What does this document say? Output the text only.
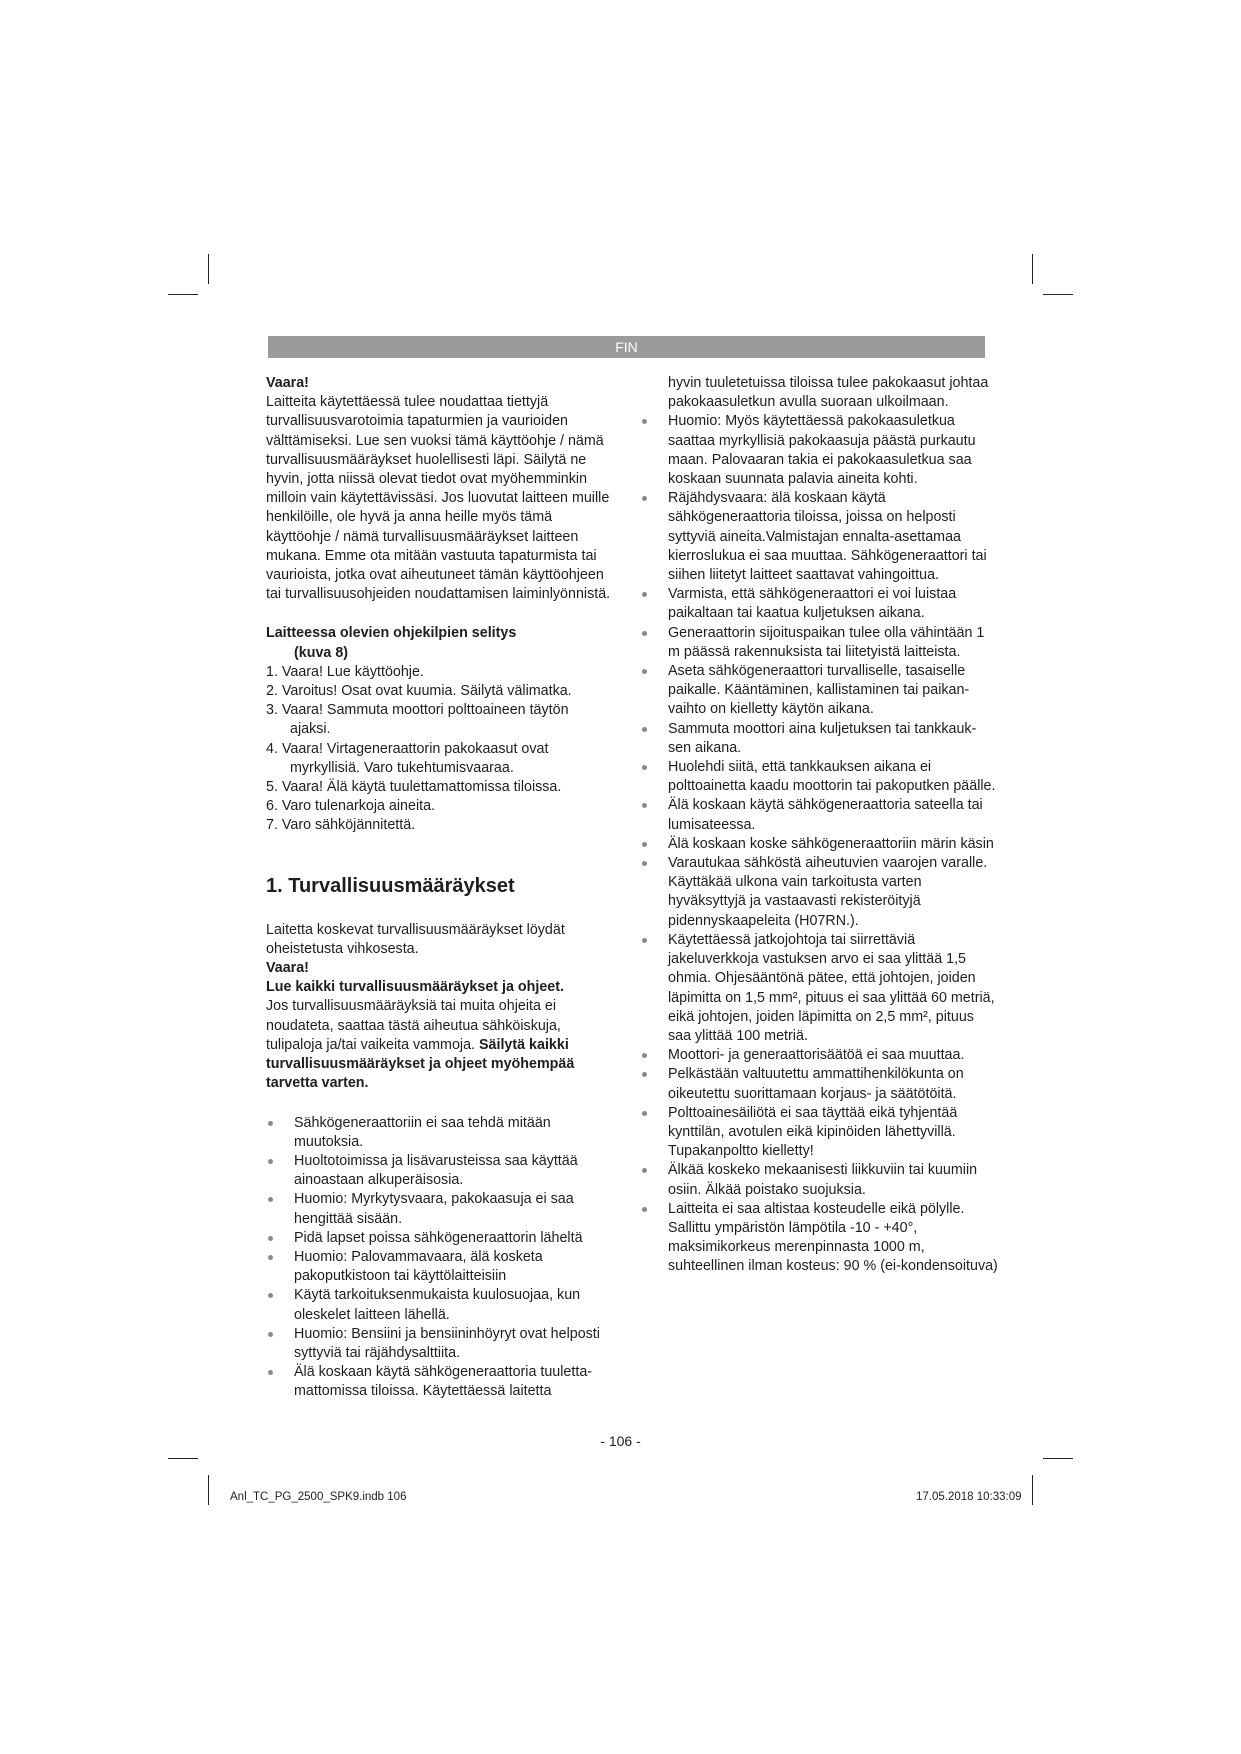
FIN

Vaara!

Laitteita käytettäessä tulee noudattaa tiettyjä turvallisuusvarotoimia tapaturmien ja vaurioiden välttämiseksi. Lue sen vuoksi tämä käyttöohje / nämä turvallisuusmääräykset huolellisesti läpi. Säilytä ne hyvin, jotta niissä olevat tiedot ovat myöhemminkin milloin vain käytettävissäsi. Jos luovutat laitteen muille henkilöille, ole hyvä ja anna heille myös tämä käyttöohje / nämä turvallisuusmääräykset laitteen mukana. Emme ota mitään vastuuta tapaturmista tai vaurioista, jotka ovat aiheutuneet tämän käyttöohjeen tai turvallisuusohjeiden noudattamisen laiminlyönnistä.

Laitteessa olevien ohjekilpien selitys

(kuva 8)

1. Vaara! Lue käyttöohje.
2. Varoitus! Osat ovat kuumia. Säilytä välimatka.
3. Vaara! Sammuta moottori polttoaineen täytön ajaksi.
4. Vaara! Virtageneraattorin pakokaasut ovat myrkyllisiä. Varo tukehtumisvaaraa.
5. Vaara! Älä käytä tuulettamattomissa tiloissa.
6. Varo tulenarkoja aineita.
7. Varo sähköjännitettä.

1. Turvallisuusmääräykset

Laitetta koskevat turvallisuusmääräykset löydät oheistetusta vihkosesta.

Vaara!

Lue kaikki turvallisuusmääräykset ja ohjeet.

Jos turvallisuusmääräyksiä tai muita ohjeita ei noudateta, saattaa tästä aiheutua sähköiskuja, tulipaloja ja/tai vaikeita vammoja. Säilytä kaikki turvallisuusmääräykset ja ohjeet myöhempää tarvetta varten.

Sähkögeneraattoriin ei saa tehdä mitään muutoksia.
Huoltotoimissa ja lisävarusteissa saa käyttää ainoastaan alkuperäisosia.
Huomio: Myrkytysvaara, pakokaasuja ei saa hengittää sisään.
Pidä lapset poissa sähkögeneraattorin läheltä
Huomio: Palovammavaara, älä kosketa pakoputkistoon tai käyttölaitteisiin
Käytä tarkoituksenmukaista kuulosuojaa, kun oleskelet laitteen lähellä.
Huomio: Bensiini ja bensiininhöyryt ovat helposti syttyviä tai räjähdysalttiita.
Älä koskaan käytä sähkögeneraattoria tuuletta-mattomissa tiloissa. Käytettäessä laitetta

hyvin tuuletetuissa tiloissa tulee pakokaasut johtaa pakokaasuletkun avulla suoraan ulkoilmaan.

Huomio: Myös käytettäessä pakokaasuletkua saattaa myrkyllisiä pakokaasuja päästä purkautu maan. Palovaaran takia ei pakokaasuletkua saa koskaan suunnata palavia aineita kohti.
Räjähdysvaara: älä koskaan käytä sähkögeneraattoria tiloissa, joissa on helposti syttyviä aineita.Valmistajan ennalta-asettamaa kierroslukua ei saa muuttaa. Sähkögeneraattori tai siihen liitetyt laitteet saattavat vahingoittua.
Varmista, että sähkögeneraattori ei voi luistaa paikaltaan tai kaatua kuljetuksen aikana.
Generaattorin sijoituspaikan tulee olla vähintään 1 m päässä rakennuksista tai liitetyistä laitteista.
Aseta sähkögeneraattori turvalliselle, tasaiselle paikalle. Kääntäminen, kallistaminen tai paikan-vaihto on kielletty käytön aikana.
Sammuta moottori aina kuljetuksen tai tankkauk-sen aikana.
Huolehdi siitä, että tankkauksen aikana ei polttoainetta kaadu moottorin tai pakoputken päälle.
Älä koskaan käytä sähkögeneraattoria sateella tai lumisateessa.
Älä koskaan koske sähkögeneraattoriin märin käsin
Varautukaa sähköstä aiheutuvien vaarojen varalle. Käyttäkää ulkona vain tarkoitusta varten hyväksyttyjä ja vastaavasti rekisteröityjä pidennyskaapeleita (H07RN.).
Käytettäessä jatkojohtoja tai siirrettäviä jakeluverkkoja vastuksen arvo ei saa ylittää 1,5 ohmia. Ohjesääntönä pätee, että johtojen, joiden läpimitta on 1,5 mm², pituus ei saa ylittää 60 metriä, eikä johtojen, joiden läpimitta on 2,5 mm², pituus saa ylittää 100 metriä.
Moottori- ja generaattorisäätöä ei saa muuttaa.
Pelkästään valtuutettu ammattihenkilökunta on oikeutettu suorittamaan korjaus- ja säätötöitä.
Polttoainesäiliötä ei saa täyttää eikä tyhjentää kynttilän, avotulen eikä kipinöiden lähettyvillä. Tupakanpoltto kielletty!
Älkää koskeko mekaanisesti liikkuviin tai kuumiin osiin. Älkää poistako suojuksia.
Laitteita ei saa altistaa kosteudelle eikä pölylle. Sallittu ympäristön lämpötila -10 - +40°, maksimikorkeus merenpinnasta 1000 m, suhteellinen ilman kosteus: 90 % (ei-kondensoituva)
- 106 -
Anl_TC_PG_2500_SPK9.indb 106	17.05.2018 10:33:09
